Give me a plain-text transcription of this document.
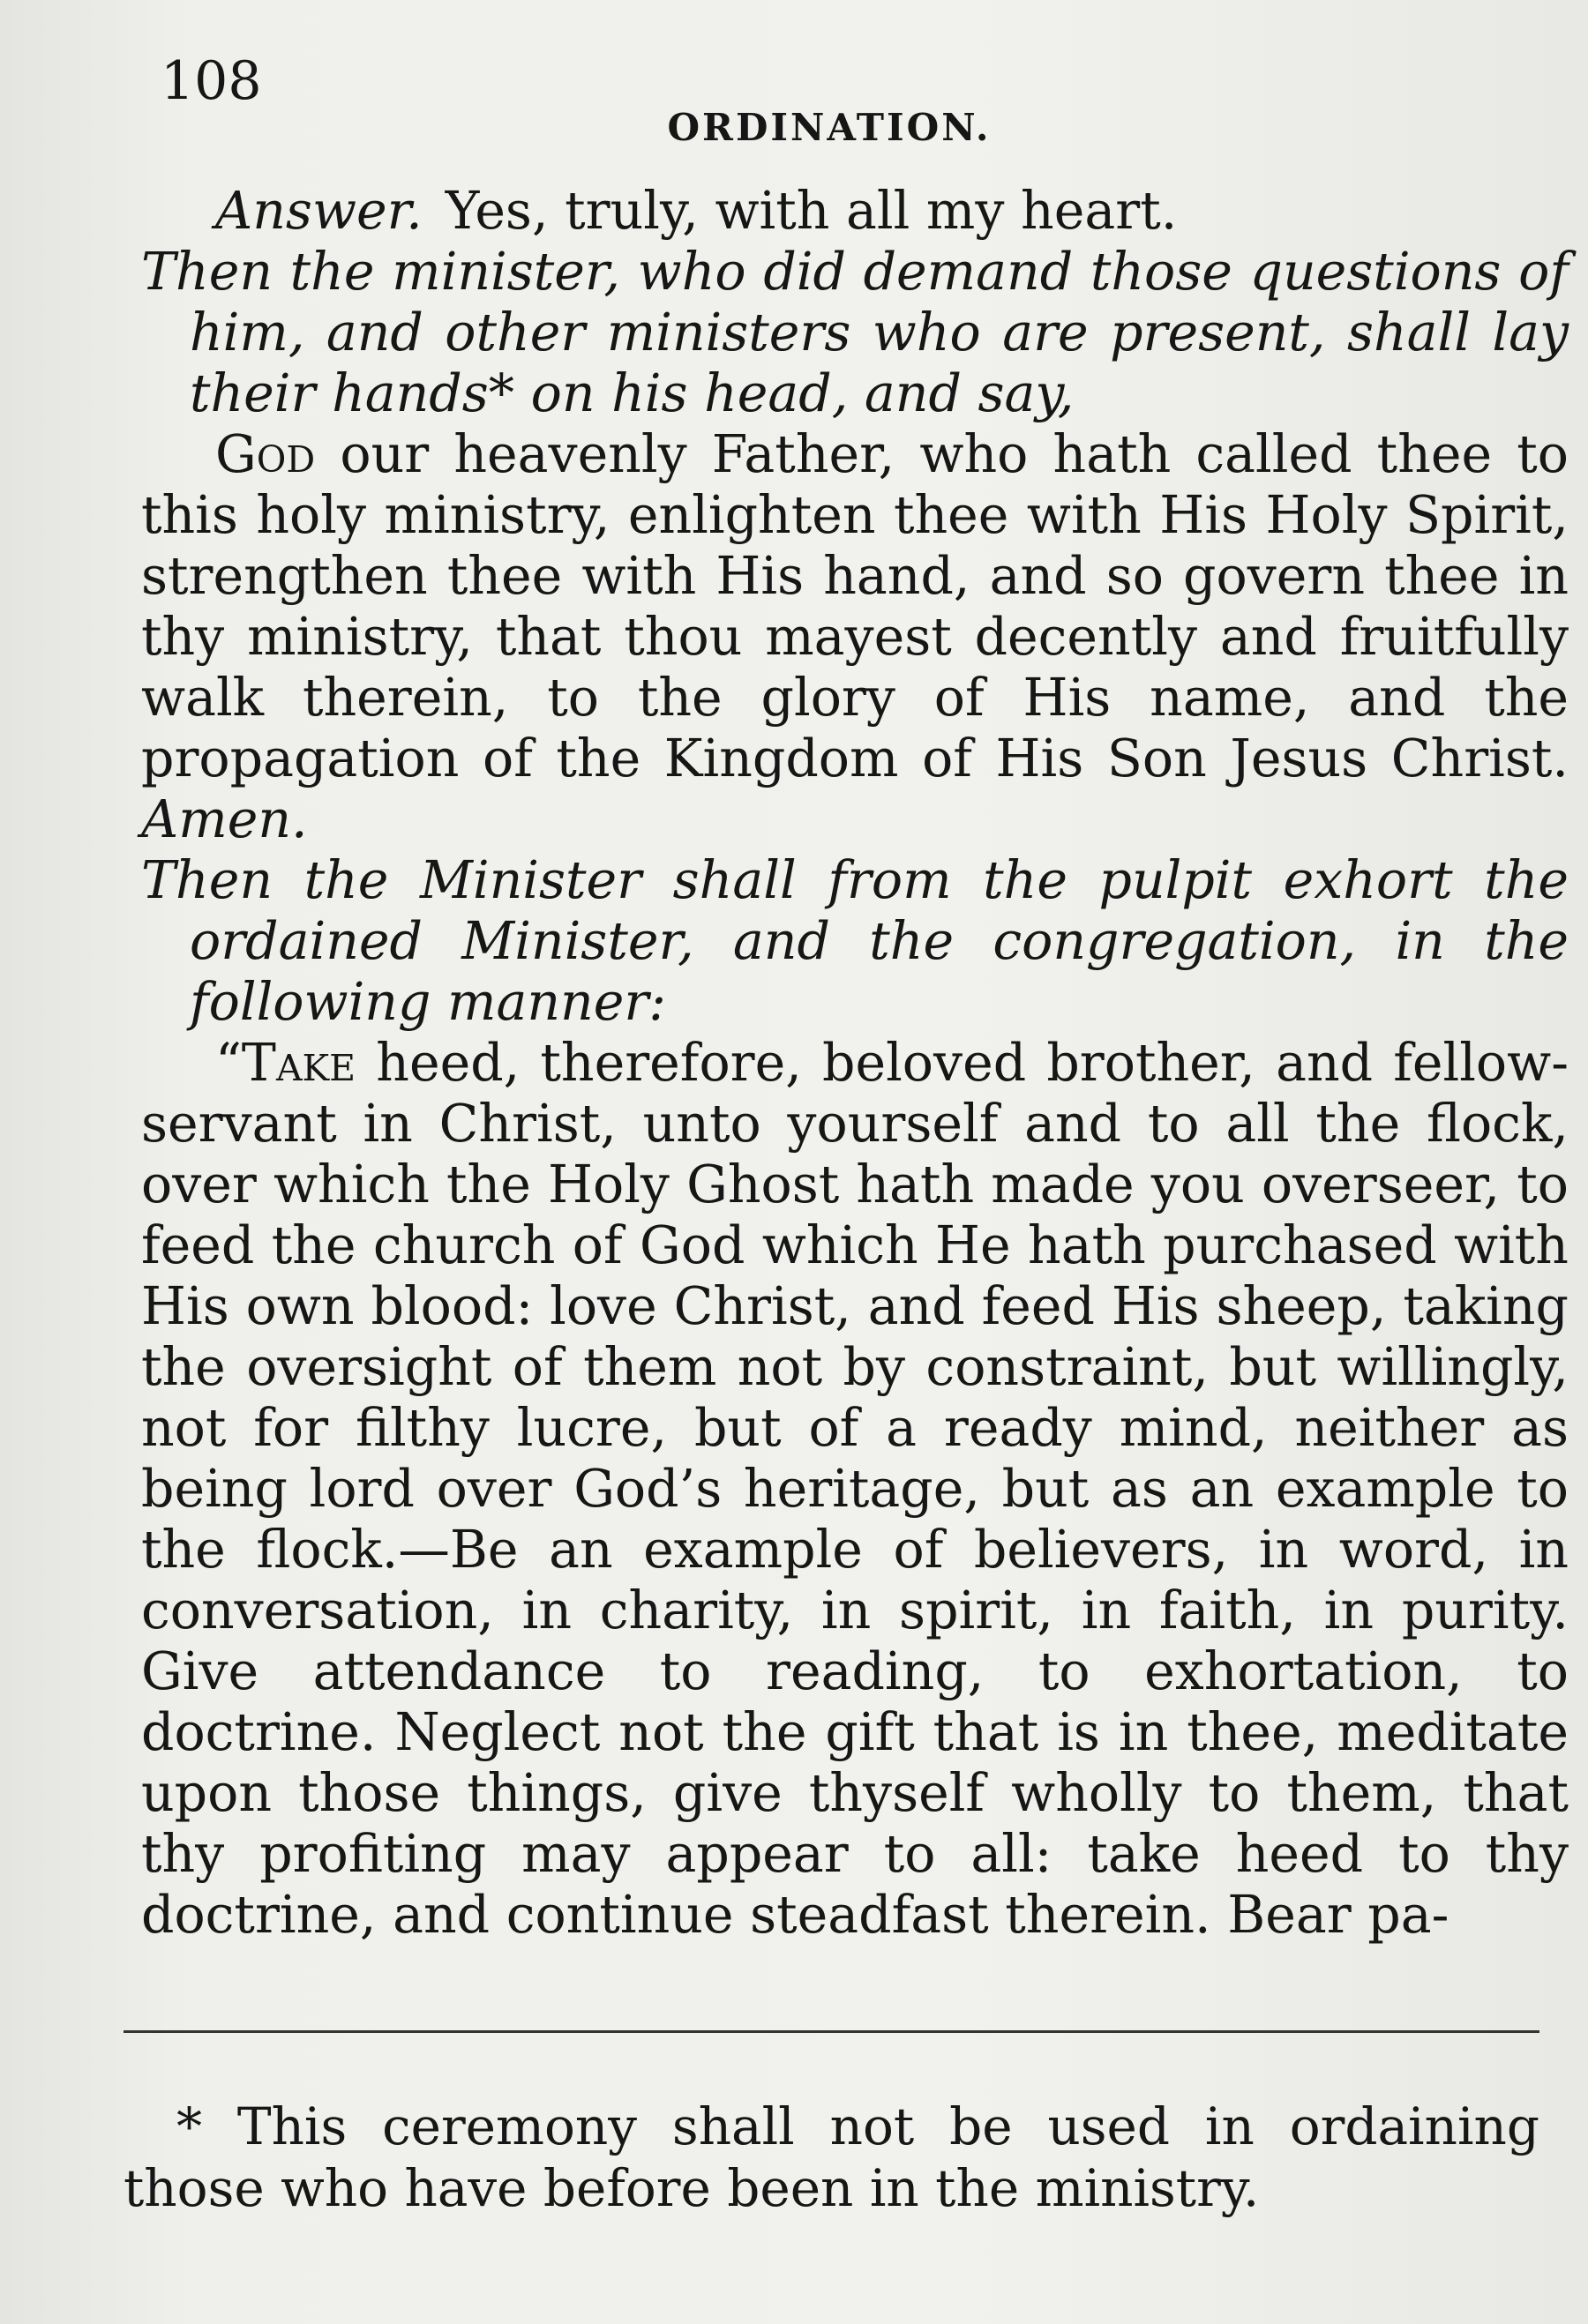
108
ORDINATION.

Answer. Yes, truly, with all my heart.

Then the minister, who did demand those questions of him, and other ministers who are present, shall lay their hands* on his head, and say,

God our heavenly Father, who hath called thee to this holy ministry, enlighten thee with His Holy Spirit, strengthen thee with His hand, and so govern thee in thy ministry, that thou mayest decently and fruitfully walk therein, to the glory of His name, and the propagation of the Kingdom of His Son Jesus Christ. Amen.

Then the Minister shall from the pulpit exhort the ordained Minister, and the congregation, in the following manner:

“Take heed, therefore, beloved brother, and fellow-servant in Christ, unto yourself and to all the flock, over which the Holy Ghost hath made you overseer, to feed the church of God which He hath purchased with His own blood: love Christ, and feed His sheep, taking the oversight of them not by constraint, but willingly, not for filthy lucre, but of a ready mind, neither as being lord over God’s heritage, but as an example to the flock.—Be an example of believers, in word, in conversation, in charity, in spirit, in faith, in purity. Give attendance to reading, to exhortation, to doctrine. Neglect not the gift that is in thee, meditate upon those things, give thyself wholly to them, that thy profiting may appear to all: take heed to thy doctrine, and continue steadfast therein. Bear pa-

* This ceremony shall not be used in ordaining those who have before been in the ministry.
